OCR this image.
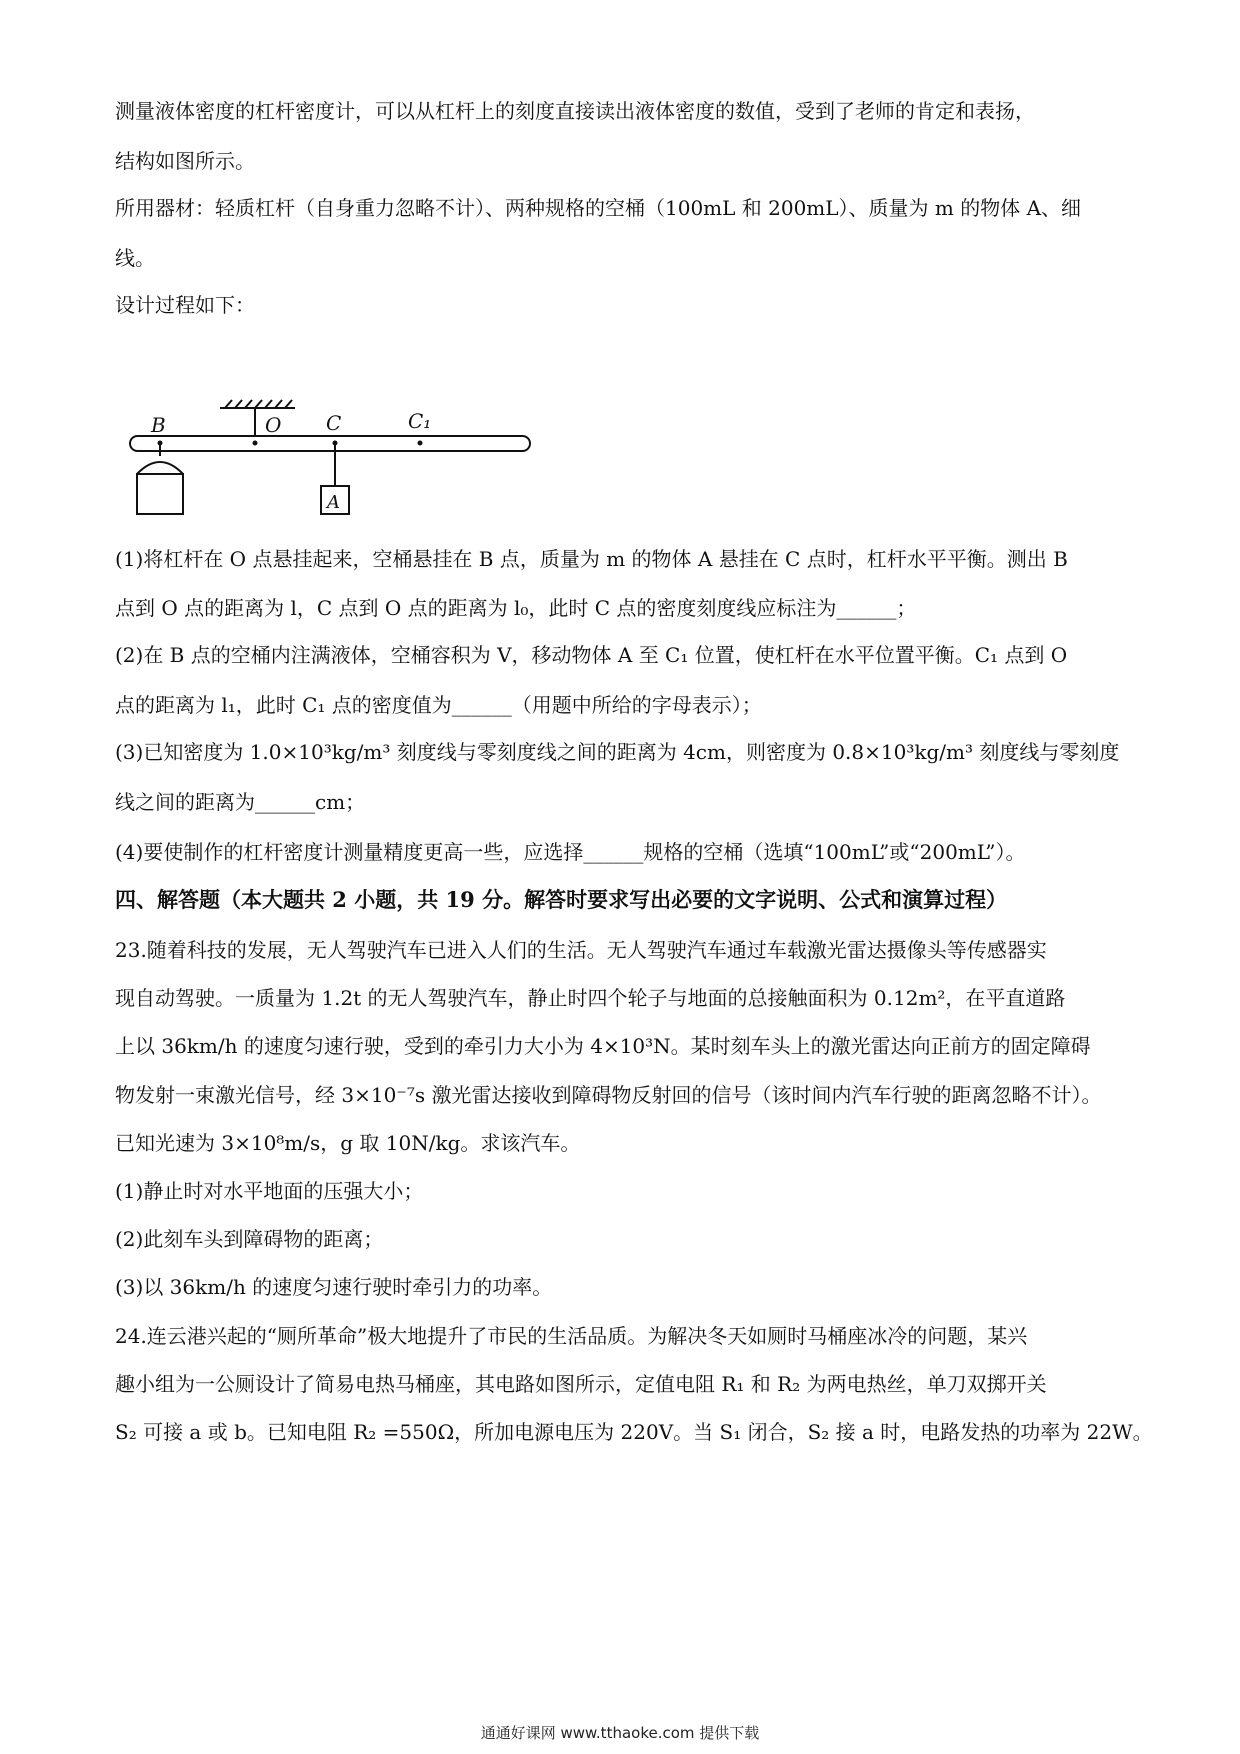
测量液体密度的杠杆密度计，可以从杠杆上的刻度直接读出液体密度的数值，受到了老师的肯定和表扬，
结构如图所示。
所用器材：轻质杠杆（自身重力忽略不计）、两种规格的空桶（100mL 和 200mL）、质量为 m 的物体 A、细
线。
设计过程如下：
B	O C	C₁
A
(1)将杠杆在 O 点悬挂起来，空桶悬挂在 B 点，质量为 m 的物体 A 悬挂在 C 点时，杠杆水平平衡。测出 B
点到 O 点的距离为 l，C 点到 O 点的距离为 l₀，此时 C 点的密度刻度线应标注为______；
(2)在 B 点的空桶内注满液体，空桶容积为 V，移动物体 A 至 C₁ 位置，使杠杆在水平位置平衡。C₁ 点到 O
点的距离为 l₁，此时 C₁ 点的密度值为______（用题中所给的字母表示）；
(3)已知密度为 1.0×10³kg/m³ 刻度线与零刻度线之间的距离为 4cm，则密度为 0.8×10³kg/m³ 刻度线与零刻度
线之间的距离为______cm；
(4)要使制作的杠杆密度计测量精度更高一些，应选择______规格的空桶（选填“100mL”或“200mL”）。
四、解答题（本大题共 2 小题，共 19 分。解答时要求写出必要的文字说明、公式和演算过程）
23.随着科技的发展，无人驾驶汽车已进入人们的生活。无人驾驶汽车通过车载激光雷达摄像头等传感器实
现自动驾驶。一质量为 1.2t 的无人驾驶汽车，静止时四个轮子与地面的总接触面积为 0.12m²，在平直道路
上以 36km/h 的速度匀速行驶，受到的牵引力大小为 4×10³N。某时刻车头上的激光雷达向正前方的固定障碍
物发射一束激光信号，经 3×10⁻⁷s 激光雷达接收到障碍物反射回的信号（该时间内汽车行驶的距离忽略不计）。
已知光速为 3×10⁸m/s，g 取 10N/kg。求该汽车。
(1)静止时对水平地面的压强大小；
(2)此刻车头到障碍物的距离；
(3)以 36km/h 的速度匀速行驶时牵引力的功率。
24.连云港兴起的“厕所革命”极大地提升了市民的生活品质。为解决冬天如厕时马桶座冰冷的问题，某兴
趣小组为一公厕设计了简易电热马桶座，其电路如图所示，定值电阻 R₁ 和 R₂ 为两电热丝，单刀双掷开关
S₂ 可接 a 或 b。已知电阻 R₂ =550Ω，所加电源电压为 220V。当 S₁ 闭合，S₂ 接 a 时，电路发热的功率为 22W。
通通好课网 www.tthaoke.com 提供下载
